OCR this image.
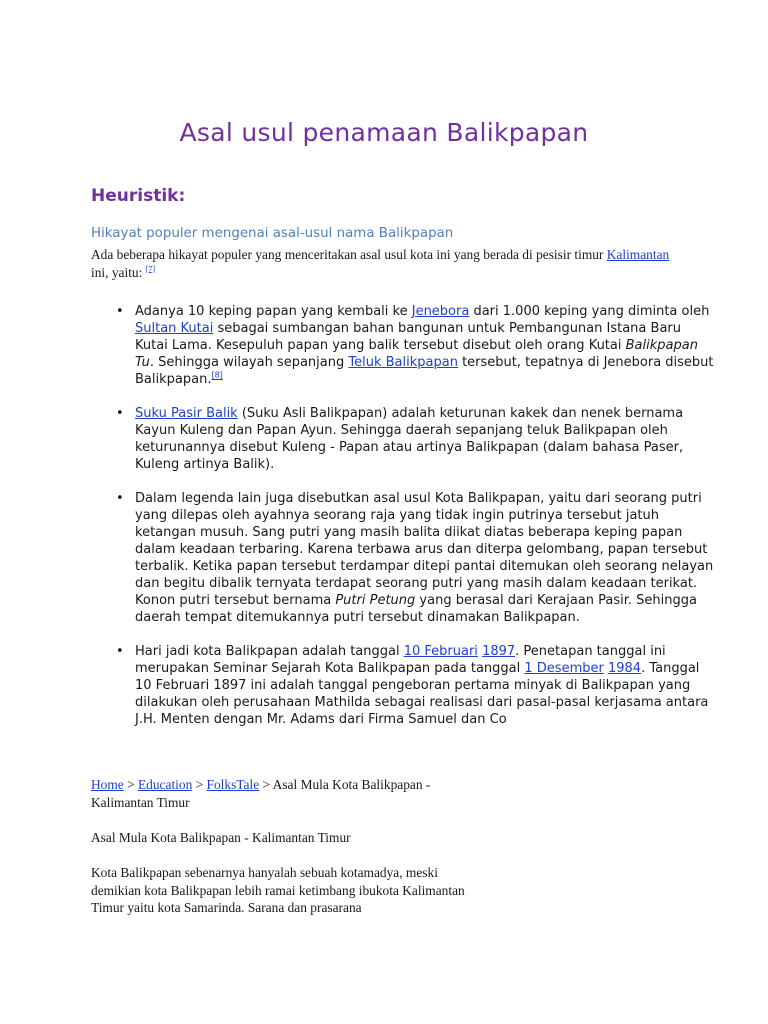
Asal usul penamaan Balikpapan
Heuristik:
Hikayat populer mengenai asal-usul nama Balikpapan

Ada beberapa hikayat populer yang menceritakan asal usul kota ini yang berada di pesisir timur Kalimantan ini, yaitu: [7]

• Adanya 10 keping papan yang kembali ke Jenebora dari 1.000 keping yang diminta oleh Sultan Kutai sebagai sumbangan bahan bangunan untuk Pembangunan Istana Baru Kutai Lama. Kesepuluh papan yang balik tersebut disebut oleh orang Kutai Balikpapan Tu. Sehingga wilayah sepanjang Teluk Balikpapan tersebut, tepatnya di Jenebora disebut Balikpapan.[8]
• Suku Pasir Balik (Suku Asli Balikpapan) adalah keturunan kakek dan nenek bernama Kayun Kuleng dan Papan Ayun. Sehingga daerah sepanjang teluk Balikpapan oleh keturunannya disebut Kuleng - Papan atau artinya Balikpapan (dalam bahasa Paser, Kuleng artinya Balik).
• Dalam legenda lain juga disebutkan asal usul Kota Balikpapan, yaitu dari seorang putri yang dilepas oleh ayahnya seorang raja yang tidak ingin putrinya tersebut jatuh ketangan musuh. Sang putri yang masih balita diikat diatas beberapa keping papan dalam keadaan terbaring. Karena terbawa arus dan diterpa gelombang, papan tersebut terbalik. Ketika papan tersebut terdampar ditepi pantai ditemukan oleh seorang nelayan dan begitu dibalik ternyata terdapat seorang putri yang masih dalam keadaan terikat. Konon putri tersebut bernama Putri Petung yang berasal dari Kerajaan Pasir. Sehingga daerah tempat ditemukannya putri tersebut dinamakan Balikpapan.
• Hari jadi kota Balikpapan adalah tanggal 10 Februari 1897. Penetapan tanggal ini merupakan Seminar Sejarah Kota Balikpapan pada tanggal 1 Desember 1984. Tanggal 10 Februari 1897 ini adalah tanggal pengeboran pertama minyak di Balikpapan yang dilakukan oleh perusahaan Mathilda sebagai realisasi dari pasal-pasal kerjasama antara J.H. Menten dengan Mr. Adams dari Firma Samuel dan Co

Home > Education > FolksTale > Asal Mula Kota Balikpapan - Kalimantan Timur

Asal Mula Kota Balikpapan - Kalimantan Timur

Kota Balikpapan sebenarnya hanyalah sebuah kotamadya, meski demikian kota Balikpapan lebih ramai ketimbang ibukota Kalimantan Timur yaitu kota Samarinda. Sarana dan prasarana
